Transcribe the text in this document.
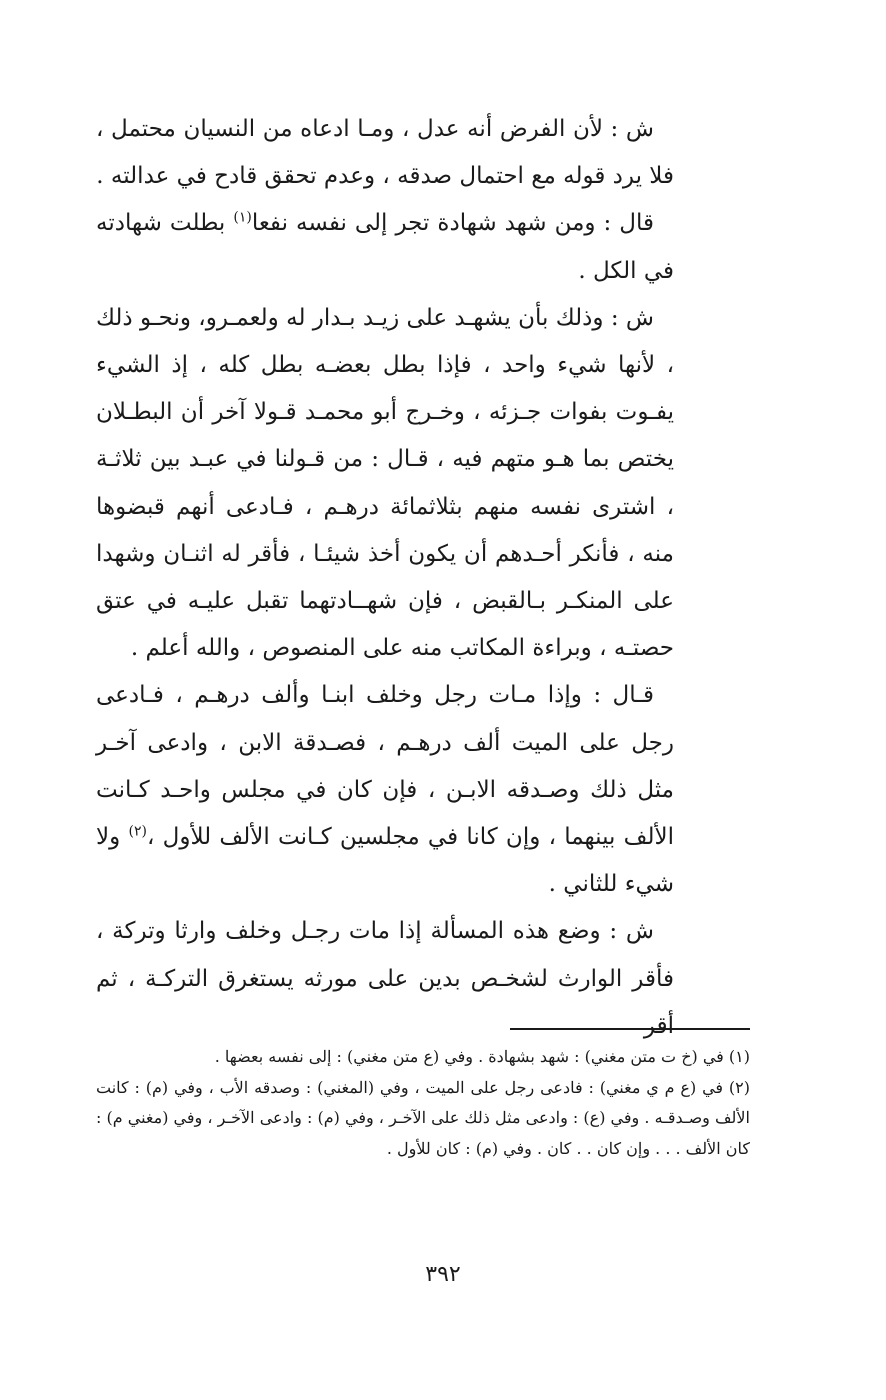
ش : لأن الفرض أنه عدل ، ومـا ادعاه من النسيان محتمل ، فلا يرد قوله مع احتمال صدقه ، وعدم تحقق قادح في عدالته .

قال : ومن شهد شهادة تجر إلى نفسه نفعا$^{(١)}$ بطلت شهادته في الكل .

ش : وذلك بأن يشهـد على زيـد بـدار له ولعمـرو، ونحـو ذلك ، لأنها شيء واحد ، فإذا بطل بعضـه بطل كله ، إذ الشيء يفـوت بفوات جـزئه ، وخـرج أبو محمـد قـولا آخر أن البطـلان يختص بما هـو متهم فيه ، قـال : من قـولنا في عبـد بين ثلاثـة ، اشترى نفسه منهم بثلاثمائة درهـم ، فـادعى أنهم قبضوها منه ، فأنكر أحـدهم أن يكون أخذ شيئـا ، فأقر له اثنـان وشهدا على المنكـر بـالقبض ، فإن شهــادتهما تقبل عليـه في عتق حصتـه ، وبراءة المكاتب منه على المنصوص ، والله أعلم .

قـال : وإذا مـات رجل وخلف ابنـا وألف درهـم ، فـادعى رجل على الميت ألف درهـم ، فصـدقة الابن ، وادعى آخـر مثل ذلك وصـدقه الابـن ، فإن كان في مجلس واحـد كـانت الألف بينهما ، وإن كانا في مجلسين كـانت الألف للأول ،$^{(٢)}$ ولا شيء للثاني .

ش : وضع هذه المسألة إذا مات رجـل وخلف وارثا وتركة ، فأقر الوارث لشخـص بدين على مورثه يستغرق التركـة ، ثم أقر

(١) في (خ ت متن مغني) : شهد بشهادة . وفي (ع متن مغني) : إلى نفسه بعضها .

(٢) في (ع م ي مغني) : فادعى رجل على الميت ، وفي (المغني) : وصدقه الأب ، وفي (م) : كانت الألف وصـدقـه . وفي (ع) : وادعى مثل ذلك على الآخـر ، وفي (م) : وادعى الآخـر ، وفي (مغني م) : كان الألف . . . وإن كان . . كان . وفي (م) : كان للأول .

٣٩٢
